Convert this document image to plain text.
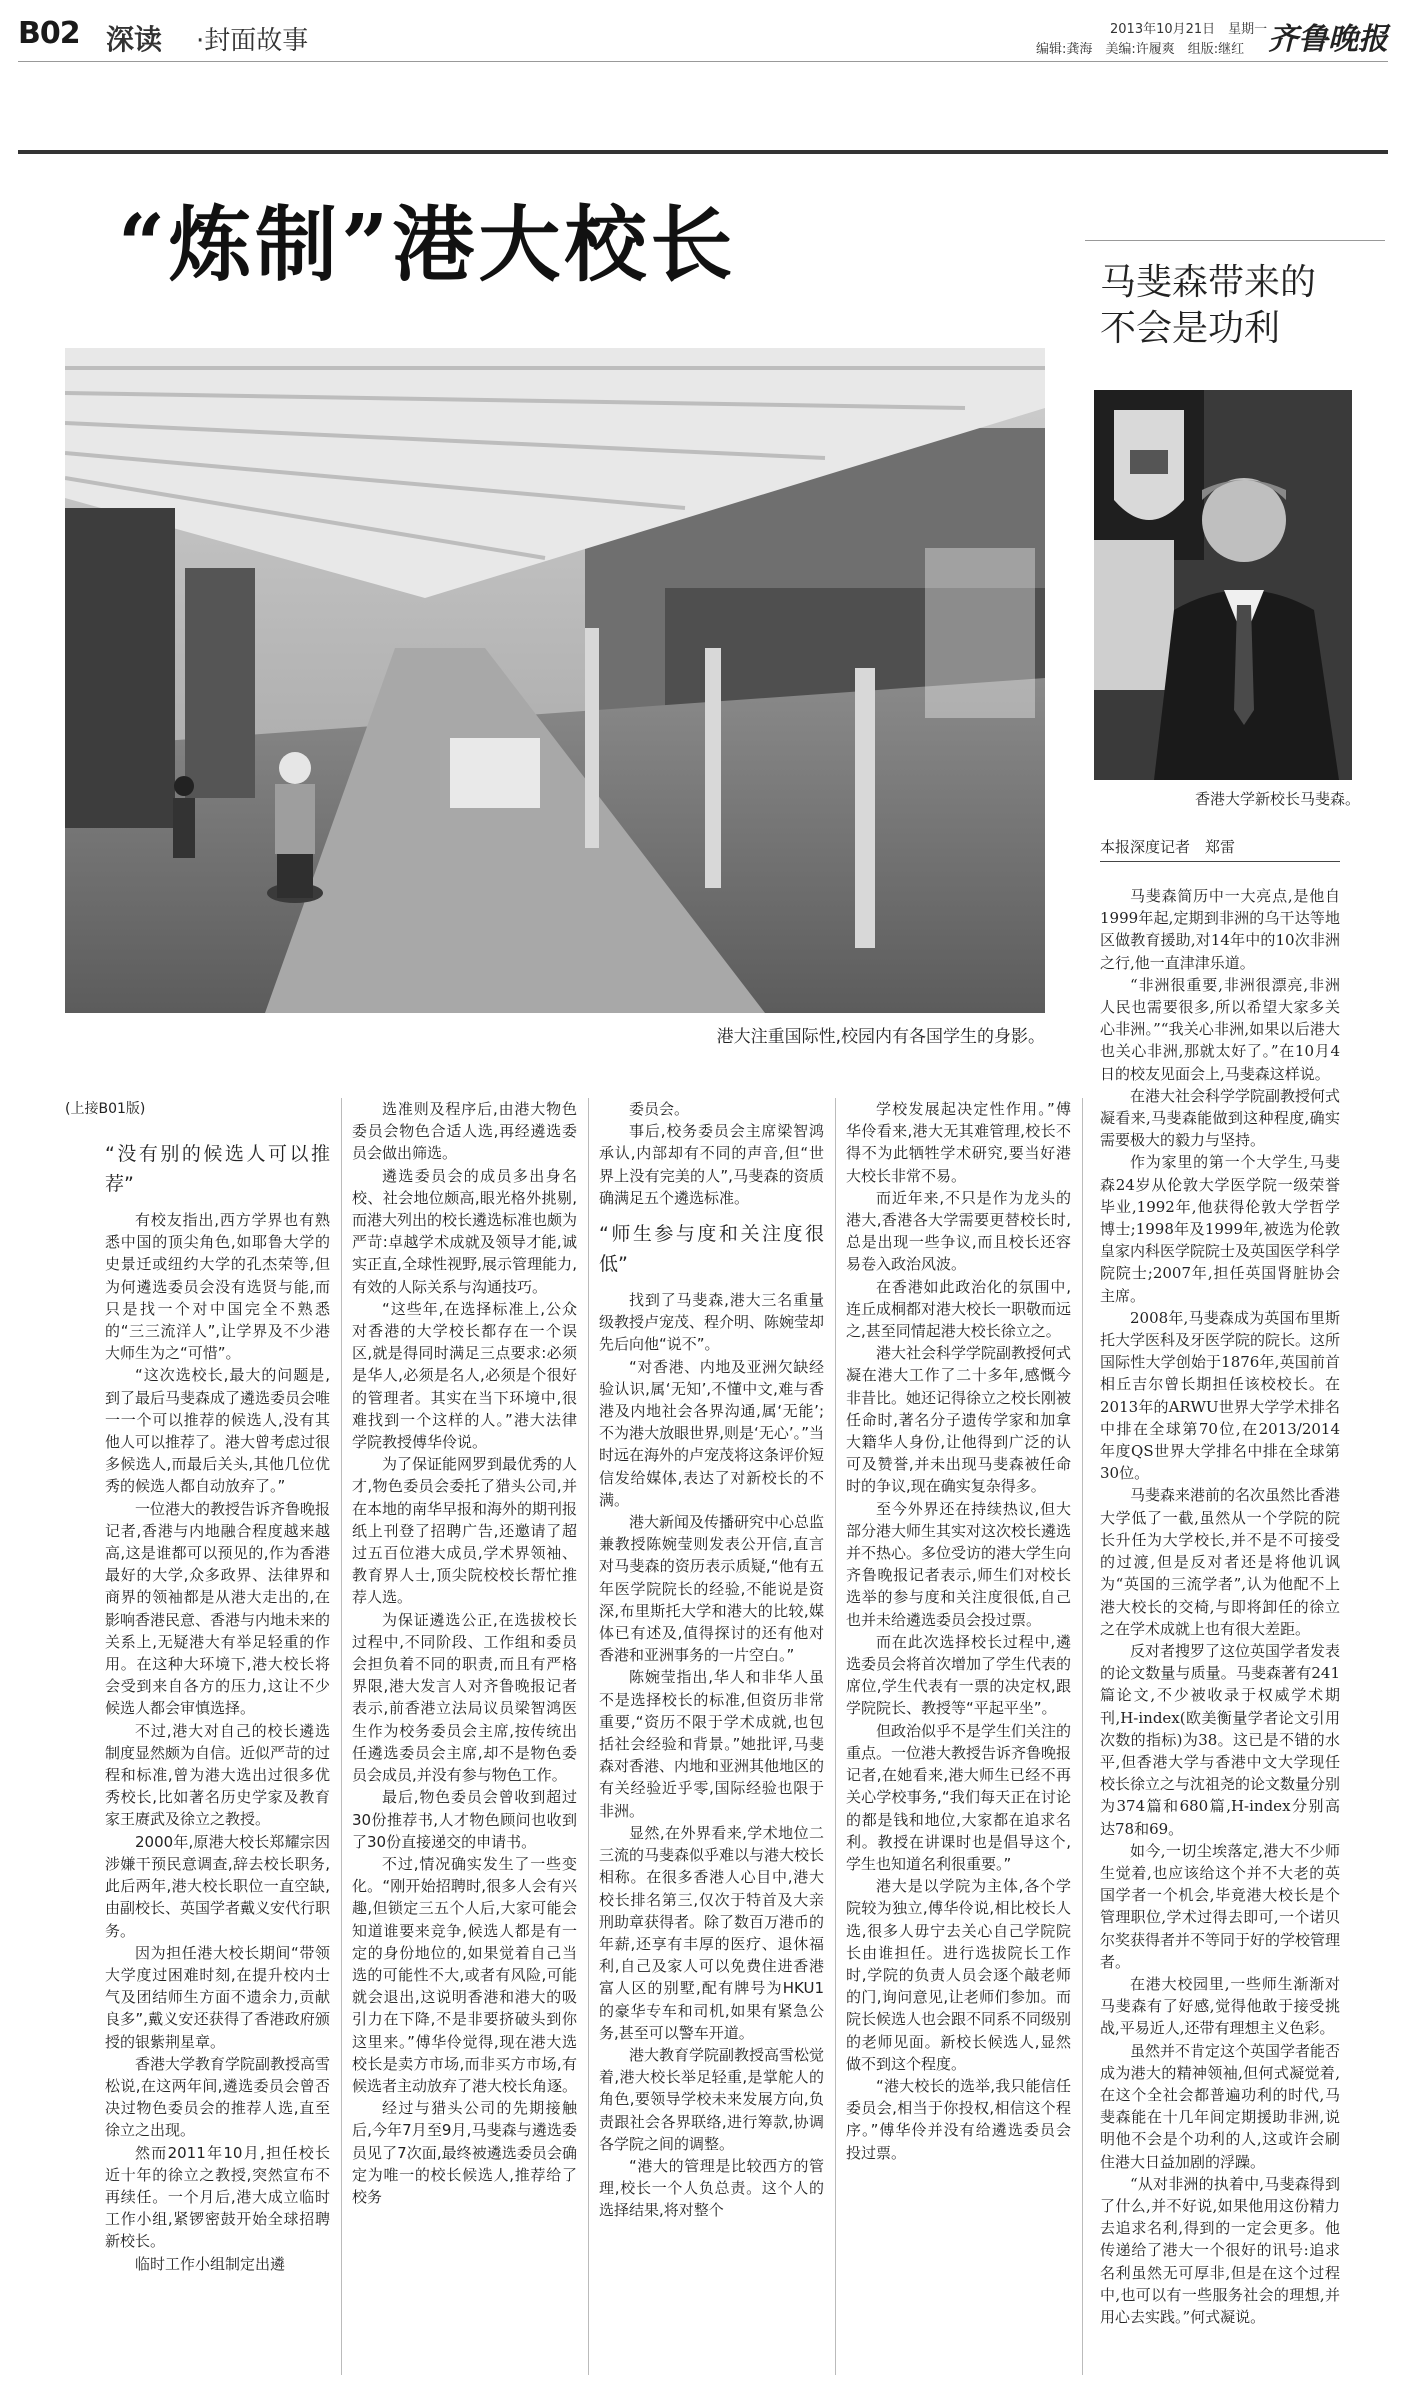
B02 深读 ·封面故事	2013年10月21日　星期一
编辑:龚海　美编:许履爽　组版:继红 齐鲁晚报
“炼制”港大校长
港大注重国际性,校园内有各国学生的身影。
马斐森带来的
不会是功利
香港大学新校长马斐森。
本报深度记者　郑雷
(上接B01版)
“没有别的候选人可以推荐”

有校友指出,西方学界也有熟悉中国的顶尖角色,如耶鲁大学的史景迁或纽约大学的孔杰荣等,但为何遴选委员会没有选贤与能,而只是找一个对中国完全不熟悉的“三三流洋人”,让学界及不少港大师生为之“可惜”。

“这次选校长,最大的问题是,到了最后马斐森成了遴选委员会唯一一个可以推荐的候选人,没有其他人可以推荐了。港大曾考虑过很多候选人,而最后关头,其他几位优秀的候选人都自动放弃了。”

一位港大的教授告诉齐鲁晚报记者,香港与内地融合程度越来越高,这是谁都可以预见的,作为香港最好的大学,众多政界、法律界和商界的领袖都是从港大走出的,在影响香港民意、香港与内地未来的关系上,无疑港大有举足轻重的作用。在这种大环境下,港大校长将会受到来自各方的压力,这让不少候选人都会审慎选择。

不过,港大对自己的校长遴选制度显然颇为自信。近似严苛的过程和标准,曾为港大选出过很多优秀校长,比如著名历史学家及教育家王赓武及徐立之教授。

2000年,原港大校长郑耀宗因涉嫌干预民意调查,辞去校长职务,此后两年,港大校长职位一直空缺,由副校长、英国学者戴义安代行职务。

因为担任港大校长期间“带领大学度过困难时刻,在提升校内士气及团结师生方面不遗余力,贡献良多”,戴义安还获得了香港政府颁授的银紫荆星章。

香港大学教育学院副教授高雪松说,在这两年间,遴选委员会曾否决过物色委员会的推荐人选,直至徐立之出现。

然而2011年10月,担任校长近十年的徐立之教授,突然宣布不再续任。一个月后,港大成立临时工作小组,紧锣密鼓开始全球招聘新校长。

临时工作小组制定出遴

选准则及程序后,由港大物色委员会物色合适人选,再经遴选委员会做出筛选。

遴选委员会的成员多出身名校、社会地位颇高,眼光格外挑剔,而港大列出的校长遴选标准也颇为严苛:卓越学术成就及领导才能,诚实正直,全球性视野,展示管理能力,有效的人际关系与沟通技巧。

“这些年,在选择标准上,公众对香港的大学校长都存在一个误区,就是得同时满足三点要求:必须是华人,必须是名人,必须是个很好的管理者。其实在当下环境中,很难找到一个这样的人。”港大法律学院教授傅华伶说。

为了保证能网罗到最优秀的人才,物色委员会委托了猎头公司,并在本地的南华早报和海外的期刊报纸上刊登了招聘广告,还邀请了超过五百位港大成员,学术界领袖、教育界人士,顶尖院校校长帮忙推荐人选。

为保证遴选公正,在选拔校长过程中,不同阶段、工作组和委员会担负着不同的职责,而且有严格界限,港大发言人对齐鲁晚报记者表示,前香港立法局议员梁智鸿医生作为校务委员会主席,按传统出任遴选委员会主席,却不是物色委员会成员,并没有参与物色工作。

最后,物色委员会曾收到超过30份推荐书,人才物色顾问也收到了30份直接递交的申请书。

不过,情况确实发生了一些变化。“刚开始招聘时,很多人会有兴趣,但锁定三五个人后,大家可能会知道谁要来竞争,候选人都是有一定的身份地位的,如果觉着自己当选的可能性不大,或者有风险,可能就会退出,这说明香港和港大的吸引力在下降,不是非要挤破头到你这里来。”傅华伶觉得,现在港大选校长是卖方市场,而非买方市场,有候选者主动放弃了港大校长角逐。

经过与猎头公司的先期接触后,今年7月至9月,马斐森与遴选委员见了7次面,最终被遴选委员会确定为唯一的校长候选人,推荐给了校务

委员会。

事后,校务委员会主席梁智鸿承认,内部却有不同的声音,但“世界上没有完美的人”,马斐森的资质确满足五个遴选标准。

“师生参与度和关注度很低”

找到了马斐森,港大三名重量级教授卢宠茂、程介明、陈婉莹却先后向他“说不”。

“对香港、内地及亚洲欠缺经验认识,属‘无知’,不懂中文,难与香港及内地社会各界沟通,属‘无能’;不为港大放眼世界,则是‘无心’。”当时远在海外的卢宠茂将这条评价短信发给媒体,表达了对新校长的不满。

港大新闻及传播研究中心总监兼教授陈婉莹则发表公开信,直言对马斐森的资历表示质疑,“他有五年医学院院长的经验,不能说是资深,布里斯托大学和港大的比较,媒体已有述及,值得探讨的还有他对香港和亚洲事务的一片空白。”

陈婉莹指出,华人和非华人虽不是选择校长的标准,但资历非常重要,“资历不限于学术成就,也包括社会经验和背景。”她批评,马斐森对香港、内地和亚洲其他地区的有关经验近乎零,国际经验也限于非洲。

显然,在外界看来,学术地位二三流的马斐森似乎难以与港大校长相称。在很多香港人心目中,港大校长排名第三,仅次于特首及大亲刑助章获得者。除了数百万港币的年薪,还享有丰厚的医疗、退休福利,自己及家人可以免费住进香港富人区的别墅,配有牌号为HKU1的豪华专车和司机,如果有紧急公务,甚至可以警车开道。

港大教育学院副教授高雪松觉着,港大校长举足轻重,是掌舵人的角色,要领导学校未来发展方向,负责跟社会各界联络,进行筹款,协调各学院之间的调整。

“港大的管理是比较西方的管理,校长一个人负总责。这个人的选择结果,将对整个

学校发展起决定性作用。”傅华伶看来,港大无其难管理,校长不得不为此牺牲学术研究,要当好港大校长非常不易。

而近年来,不只是作为龙头的港大,香港各大学需要更替校长时,总是出现一些争议,而且校长还容易卷入政治风波。

在香港如此政治化的氛围中,连丘成桐都对港大校长一职敬而远之,甚至同情起港大校长徐立之。

港大社会科学学院副教授何式凝在港大工作了二十多年,感慨今非昔比。她还记得徐立之校长刚被任命时,著名分子遗传学家和加拿大籍华人身份,让他得到广泛的认可及赞誉,并未出现马斐森被任命时的争议,现在确实复杂得多。

至今外界还在持续热议,但大部分港大师生其实对这次校长遴选并不热心。多位受访的港大学生向齐鲁晚报记者表示,师生们对校长选举的参与度和关注度很低,自己也并未给遴选委员会投过票。

而在此次选择校长过程中,遴选委员会将首次增加了学生代表的席位,学生代表有一票的决定权,跟学院院长、教授等“平起平坐”。

但政治似乎不是学生们关注的重点。一位港大教授告诉齐鲁晚报记者,在她看来,港大师生已经不再关心学校事务,“我们每天正在讨论的都是钱和地位,大家都在追求名利。教授在讲课时也是倡导这个,学生也知道名利很重要。”

港大是以学院为主体,各个学院较为独立,傅华伶说,相比校长人选,很多人毋宁去关心自己学院院长由谁担任。进行选拔院长工作时,学院的负责人员会逐个敲老师的门,询问意见,让老师们参加。而院长候选人也会跟不同系不同级别的老师见面。新校长候选人,显然做不到这个程度。

“港大校长的选举,我只能信任委员会,相当于你投权,相信这个程序。”傅华伶并没有给遴选委员会投过票。

马斐森简历中一大亮点,是他自1999年起,定期到非洲的乌干达等地区做教育援助,对14年中的10次非洲之行,他一直津津乐道。

“非洲很重要,非洲很漂亮,非洲人民也需要很多,所以希望大家多关心非洲。”“我关心非洲,如果以后港大也关心非洲,那就太好了。”在10月4日的校友见面会上,马斐森这样说。

在港大社会科学学院副教授何式凝看来,马斐森能做到这种程度,确实需要极大的毅力与坚持。

作为家里的第一个大学生,马斐森24岁从伦敦大学医学院一级荣誉毕业,1992年,他获得伦敦大学哲学博士;1998年及1999年,被选为伦敦皇家内科医学院院士及英国医学科学院院士;2007年,担任英国肾脏协会主席。

2008年,马斐森成为英国布里斯托大学医科及牙医学院的院长。这所国际性大学创始于1876年,英国前首相丘吉尔曾长期担任该校校长。在2013年的ARWU世界大学学术排名中排在全球第70位,在2013/2014年度QS世界大学排名中排在全球第30位。

马斐森来港前的名次虽然比香港大学低了一截,虽然从一个学院的院长升任为大学校长,并不是不可接受的过渡,但是反对者还是将他讥讽为“英国的三流学者”,认为他配不上港大校长的交椅,与即将卸任的徐立之在学术成就上也有很大差距。

反对者搜罗了这位英国学者发表的论文数量与质量。马斐森著有241篇论文,不少被收录于权威学术期刊,H-index(欧美衡量学者论文引用次数的指标)为38。这已是不错的水平,但香港大学与香港中文大学现任校长徐立之与沈祖尧的论文数量分别为374篇和680篇,H-index分别高达78和69。

如今,一切尘埃落定,港大不少师生觉着,也应该给这个并不大老的英国学者一个机会,毕竟港大校长是个管理职位,学术过得去即可,一个诺贝尔奖获得者并不等同于好的学校管理者。

在港大校园里,一些师生渐渐对马斐森有了好感,觉得他敢于接受挑战,平易近人,还带有理想主义色彩。

虽然并不肯定这个英国学者能否成为港大的精神领袖,但何式凝觉着,在这个全社会都普遍功利的时代,马斐森能在十几年间定期援助非洲,说明他不会是个功利的人,这或许会刷住港大日益加剧的浮躁。

“从对非洲的执着中,马斐森得到了什么,并不好说,如果他用这份精力去追求名利,得到的一定会更多。他传递给了港大一个很好的讯号:追求名利虽然无可厚非,但是在这个过程中,也可以有一些服务社会的理想,并用心去实践。”何式凝说。
